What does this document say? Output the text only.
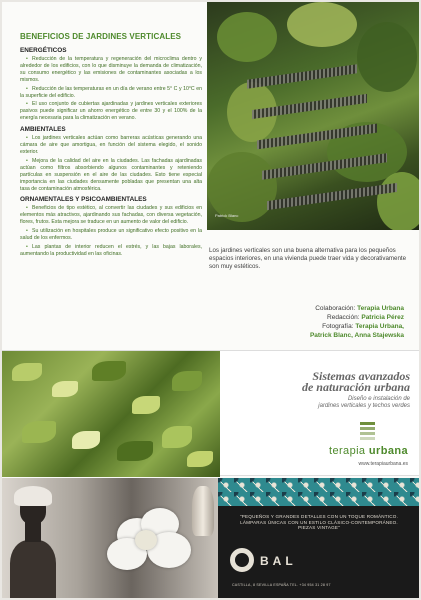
BENEFICIOS DE JARDINES VERTICALES
ENERGÉTICOS

• Reducción de la temperatura y regeneración del microclima dentro y alrededor de los edificios, con lo que disminuye la demanda de climatización, su consumo energético y las emisiones de contaminantes asociadas a los mismos.

• Reducción de las temperaturas en un día de verano entre 5° C y 10°C en la superficie del edificio.

• El uso conjunto de cubiertas ajardinadas y jardines verticales exteriores pasivos puede significar un ahorro energético de entre 30 y el 100% de la energía necesaria para la climatización en verano.

AMBIENTALES

• Los jardines verticales actúan como barreras acústicas generando una cámara de aire que amortigua, en función del sistema elegido, el sonido exterior.

• Mejora de la calidad del aire en la ciudades. Las fachadas ajardinadas actúan como filtros absorbiendo algunos contaminantes y reteniendo partículas en suspensión en el aire de las ciudades. Esto tiene especial importancia en las ciudades densamente pobladas que presentan una alta tasa de contaminación atmosférica.

ORNAMENTALES Y PSICOAMBIENTALES

• Beneficios de tipo estético, al convertir las ciudades y sus edificios en elementos más atractivos, ajardinando sus fachadas, con diversa vegetación, flores, frutos. Esta mejora se traduce en un aumento de valor del edificio.

• Su utilización en hospitales produce un significativo efecto positivo en la salud de los enfermos.

• Las plantas de interior reducen el estrés, y las bajas laborales, aumentando la productividad en las oficinas.

Patrick Blanc

Los jardines verticales son una buena alternativa para los pequeños espacios interiores, en una vivienda puede traer vida y decorativamente son muy estéticos.

Colaboración: Terapia Urbana
Redacción: Patricia Pérez
Fotografía: Terapia Urbana,
Patrick Blanc, Anna Stajewska
Sistemas avanzados
de naturación urbana
Diseño e instalación de
jardines verticales y techos verdes
terapia urbana
www.terapiaurbana.es
"PEQUEÑOS Y GRANDES DETALLES CON UN TOQUE ROMÁNTICO. LÁMPARAS ÚNICAS CON UN ESTILO CLÁSICO-CONTEMPORÁNEO. PIEZAS VINTAGE"
BAL
CASTILLA, 8 SEVILLA ESPAÑA TEL. +34 954 31 28 97
